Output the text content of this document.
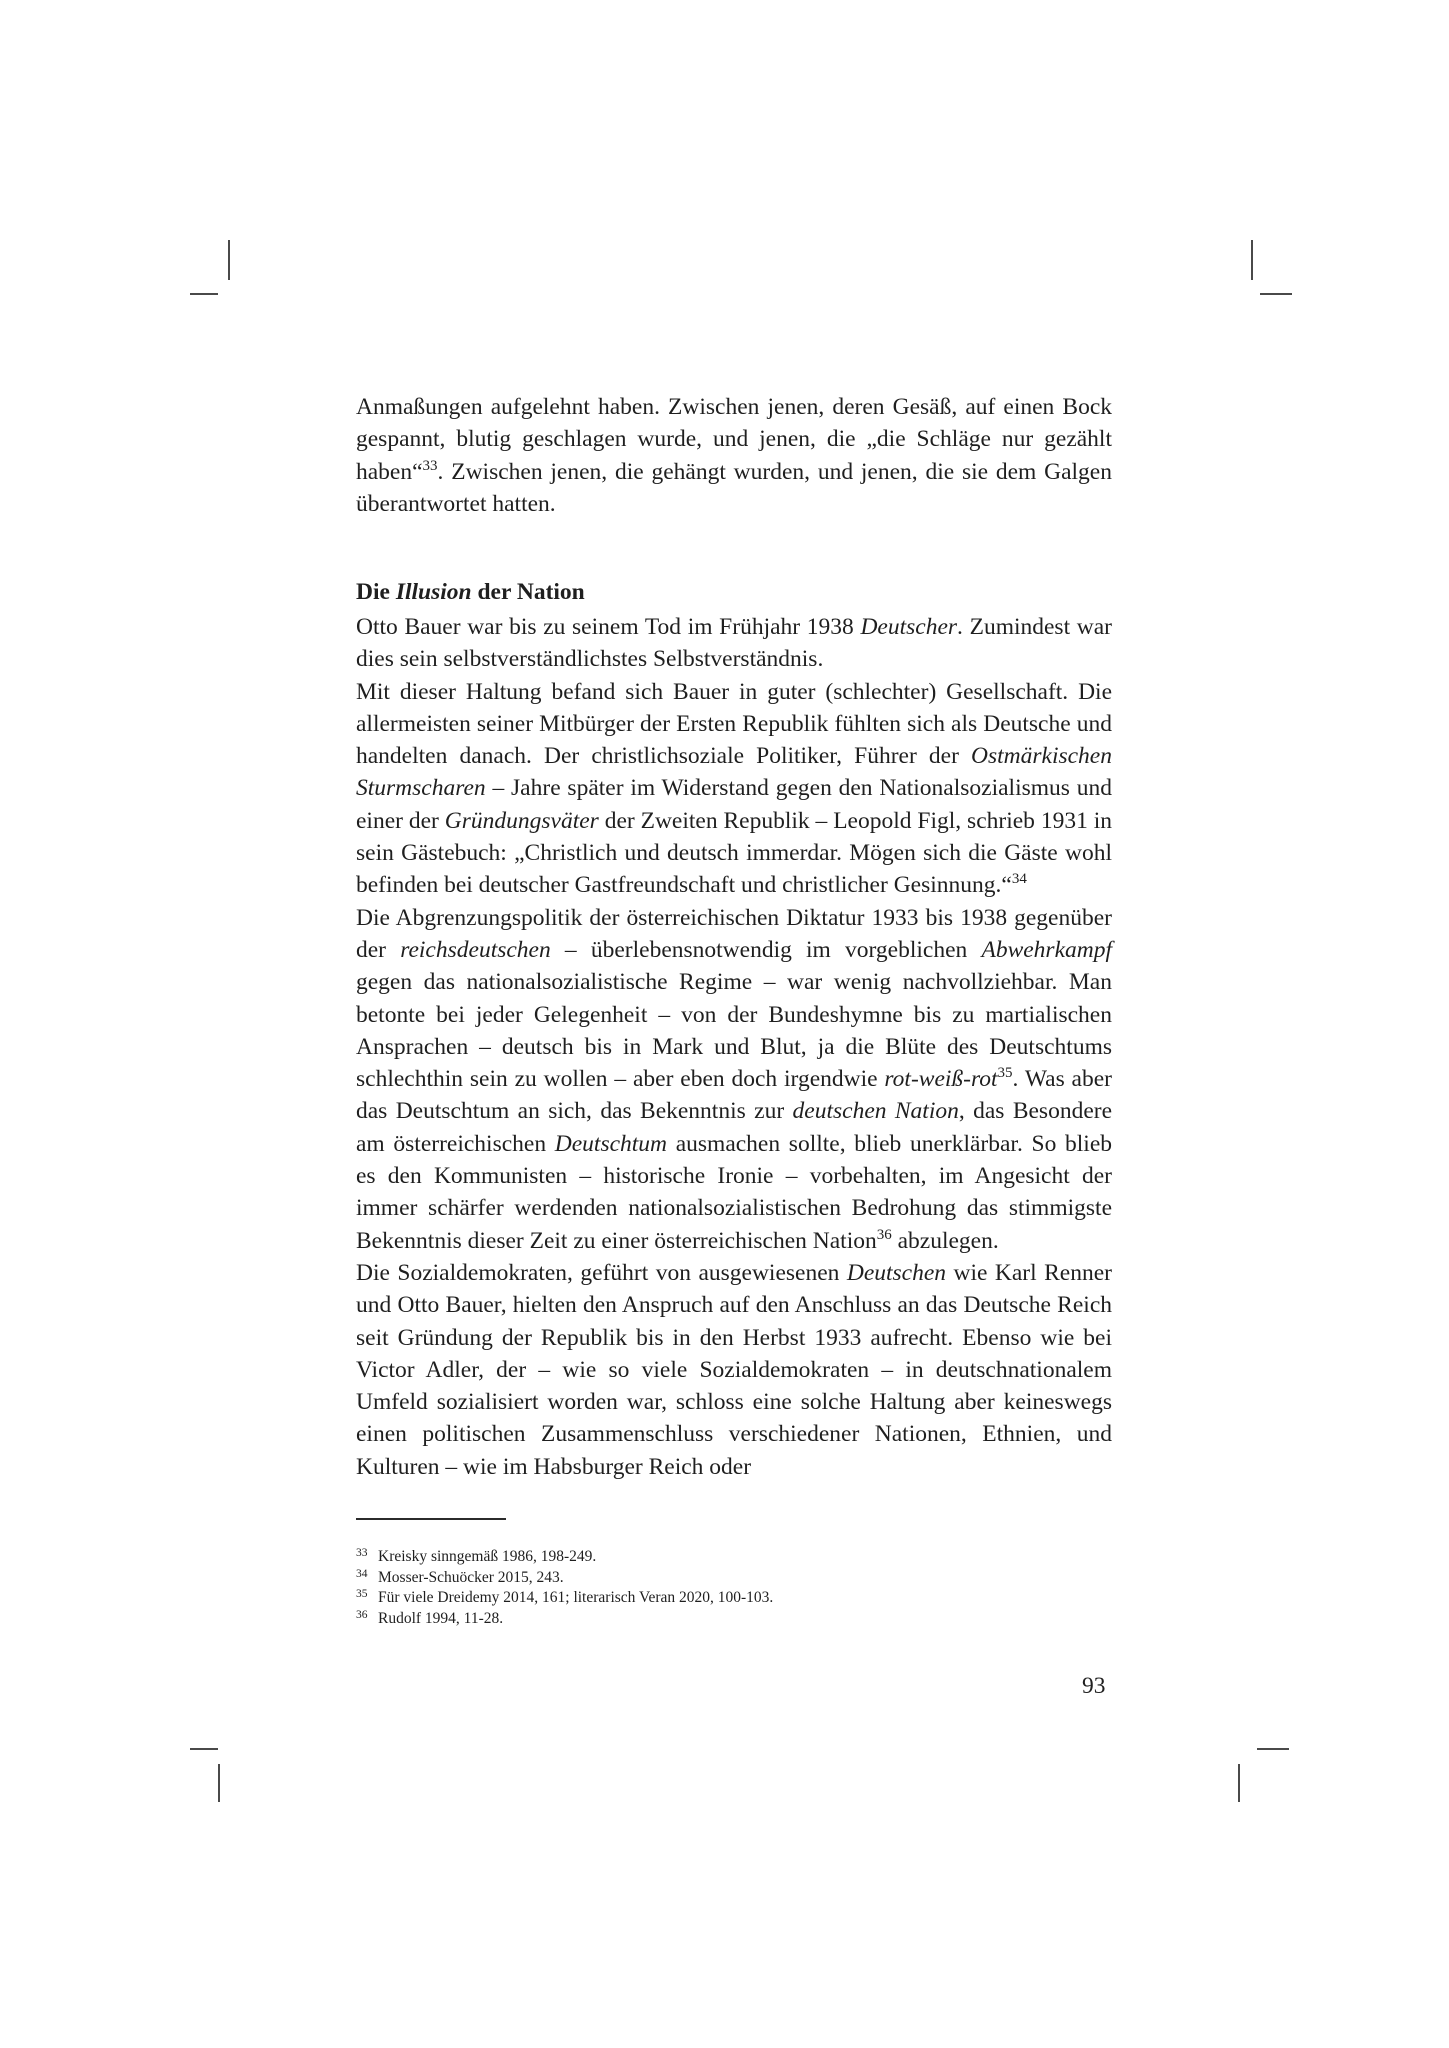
Anmaßungen aufgelehnt haben. Zwischen jenen, deren Gesäß, auf einen Bock gespannt, blutig geschlagen wurde, und jenen, die „die Schläge nur gezählt haben“$^{33}$. Zwischen jenen, die gehängt wurden, und jenen, die sie dem Galgen überantwortet hatten.

Die Illusion der Nation

Otto Bauer war bis zu seinem Tod im Frühjahr 1938 Deutscher. Zumindest war dies sein selbstverständlichstes Selbstverständnis.

Mit dieser Haltung befand sich Bauer in guter (schlechter) Gesellschaft. Die allermeisten seiner Mitbürger der Ersten Republik fühlten sich als Deutsche und handelten danach. Der christlichsoziale Politiker, Führer der Ostmärkischen Sturmscharen – Jahre später im Widerstand gegen den Nationalsozialismus und einer der Gründungsväter der Zweiten Republik – Leopold Figl, schrieb 1931 in sein Gästebuch: „Christlich und deutsch immerdar. Mögen sich die Gäste wohl befinden bei deutscher Gastfreundschaft und christlicher Gesinnung.“$^{34}$

Die Abgrenzungspolitik der österreichischen Diktatur 1933 bis 1938 gegenüber der reichsdeutschen – überlebensnotwendig im vorgeblichen Abwehrkampf gegen das nationalsozialistische Regime – war wenig nachvollziehbar. Man betonte bei jeder Gelegenheit – von der Bundeshymne bis zu martialischen Ansprachen – deutsch bis in Mark und Blut, ja die Blüte des Deutschtums schlechthin sein zu wollen – aber eben doch irgendwie rot-weiß-rot$^{35}$. Was aber das Deutschtum an sich, das Bekenntnis zur deutschen Nation, das Besondere am österreichischen Deutschtum ausmachen sollte, blieb unerklärbar. So blieb es den Kommunisten – historische Ironie – vorbehalten, im Angesicht der immer schärfer werdenden nationalsozialistischen Bedrohung das stimmigste Bekenntnis dieser Zeit zu einer österreichischen Nation$^{36}$ abzulegen.

Die Sozialdemokraten, geführt von ausgewiesenen Deutschen wie Karl Renner und Otto Bauer, hielten den Anspruch auf den Anschluss an das Deutsche Reich seit Gründung der Republik bis in den Herbst 1933 aufrecht. Ebenso wie bei Victor Adler, der – wie so viele Sozialdemokraten – in deutschnationalem Umfeld sozialisiert worden war, schloss eine solche Haltung aber keineswegs einen politischen Zusammenschluss verschiedener Nationen, Ethnien, und Kulturen – wie im Habsburger Reich oder

$^{33}$ Kreisky sinngemäß 1986, 198-249.
$^{34}$ Mosser-Schuöcker 2015, 243.
$^{35}$ Für viele Dreidemy 2014, 161; literarisch Veran 2020, 100-103.
$^{36}$ Rudolf 1994, 11-28.
93
